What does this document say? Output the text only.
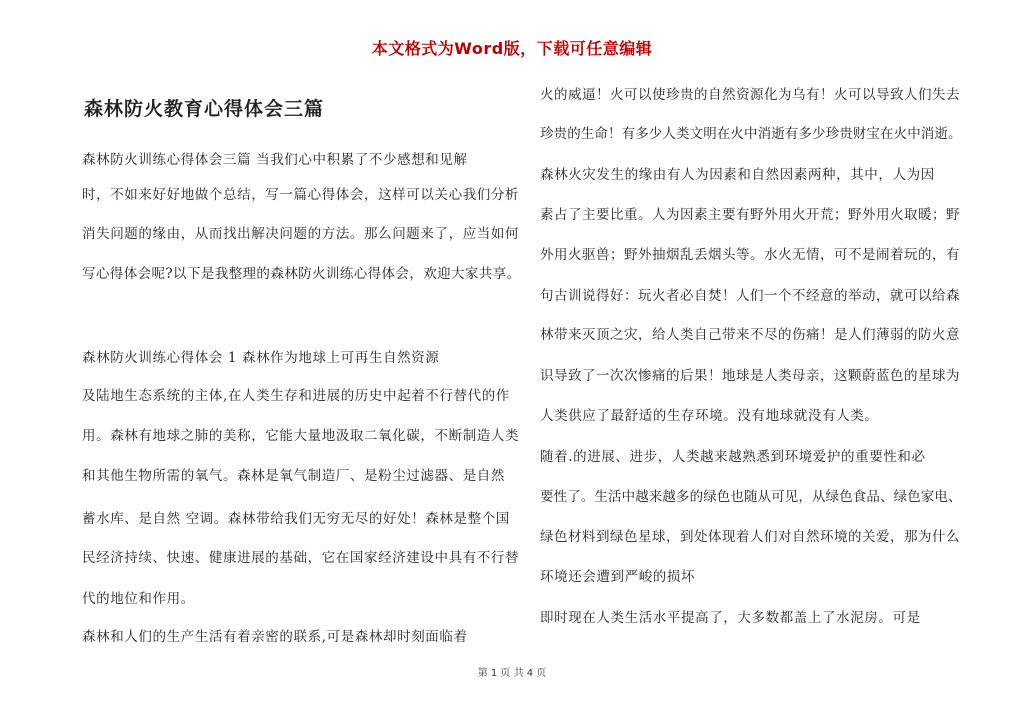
本文格式为Word版，下载可任意编辑
森林防火教育心得体会三篇
森林防火训练心得体会三篇 当我们心中积累了不少感想和见解
时，不如来好好地做个总结，写一篇心得体会，这样可以关心我们分析
消失问题的缘由，从而找出解决问题的方法。那么问题来了，应当如何
写心得体会呢?以下是我整理的森林防火训练心得体会，欢迎大家共享。
森林防火训练心得体会 1 森林作为地球上可再生自然资源
及陆地生态系统的主体,在人类生存和进展的历史中起着不行替代的作
用。森林有地球之肺的美称，它能大量地汲取二氧化碳，不断制造人类
和其他生物所需的氧气。森林是氧气制造厂、是粉尘过滤器、是自然
蓄水库、是自然 空调。森林带给我们无穷无尽的好处！森林是整个国
民经济持续、快速、健康进展的基础，它在国家经济建设中具有不行替
代的地位和作用。
森林和人们的生产生活有着亲密的联系,可是森林却时刻面临着
火的威逼！火可以使珍贵的自然资源化为乌有！火可以导致人们失去
珍贵的生命！有多少人类文明在火中消逝有多少珍贵财宝在火中消逝。
森林火灾发生的缘由有人为因素和自然因素两种，其中，人为因
素占了主要比重。人为因素主要有野外用火开荒；野外用火取暖；野
外用火驱兽；野外抽烟乱丢烟头等。水火无情，可不是闹着玩的，有
句古训说得好：玩火者必自焚！人们一个不经意的举动，就可以给森
林带来灭顶之灾，给人类自己带来不尽的伤痛！是人们薄弱的防火意
识导致了一次次惨痛的后果！地球是人类母亲，这颗蔚蓝色的星球为
人类供应了最舒适的生存环境。没有地球就没有人类。
随着.的进展、进步，人类越来越熟悉到环境爱护的重要性和必
要性了。生活中越来越多的绿色也随从可见，从绿色食品、绿色家电、
绿色材料到绿色星球，到处体现着人们对自然环境的关爱，那为什么
环境还会遭到严峻的损坏
即时现在人类生活水平提高了，大多数都盖上了水泥房。可是
第 1 页 共 4 页
